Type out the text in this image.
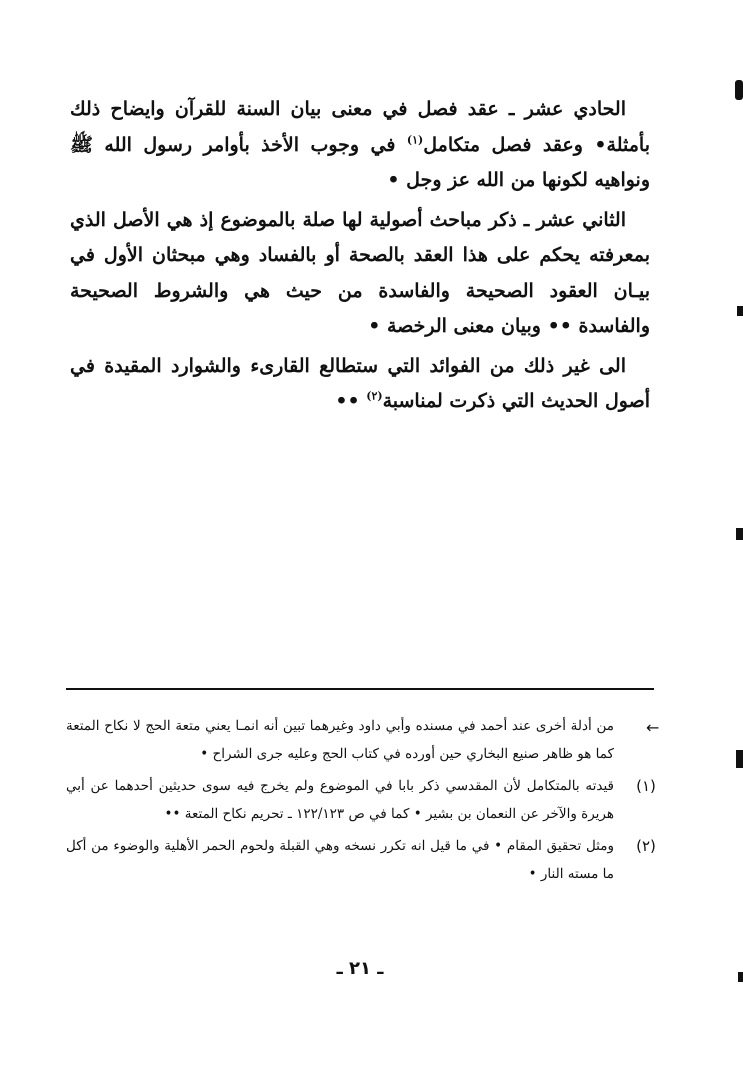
الحادي عشر ـ عقد فصل في معنى بيان السنة للقرآن وايضاح ذلك بأمثلة• وعقد فصل متكامل$^{(١)}$ في وجوب الأخذ بأوامر رسول الله ﷺ ونواهيه لكونها من الله عز وجل •

الثاني عشر ـ ذكر مباحث أصولية لها صلة بالموضوع إذ هي الأصل الذي بمعرفته يحكم على هذا العقد بالصحة أو بالفساد وهي مبحثان الأول في بيـان العقود الصحيحة والفاسدة من حيث هي والشروط الصحيحة والفاسدة •• وبيان معنى الرخصة •

الى غير ذلك من الفوائد التي ستطالع القارىء والشوارد المقيدة في أصول الحديث التي ذكرت لمناسبة$^{(٢)}$ ••

←
من أدلة أخرى عند أحمد في مسنده وأبي داود وغيرهما تبين أنه انمـا يعني متعة الحج لا نكاح المتعة كما هو ظاهر صنيع البخاري حين أورده في كتاب الحج وعليه جرى الشراح •
(١)
قيدته بالمتكامل لأن المقدسي ذكر بابا في الموضوع ولم يخرج فيه سوى حديثين أحدهما عن أبي هريرة والآخر عن النعمان بن بشير • كما في ص ١٢٢/١٢٣ ـ تحريم نكاح المتعة ••
(٢)
ومثل تحقيق المقام • في ما قيل انه تكرر نسخه وهي القبلة ولحوم الحمر الأهلية والوضوء من أكل ما مسته النار •
ـ ٢١ ـ
